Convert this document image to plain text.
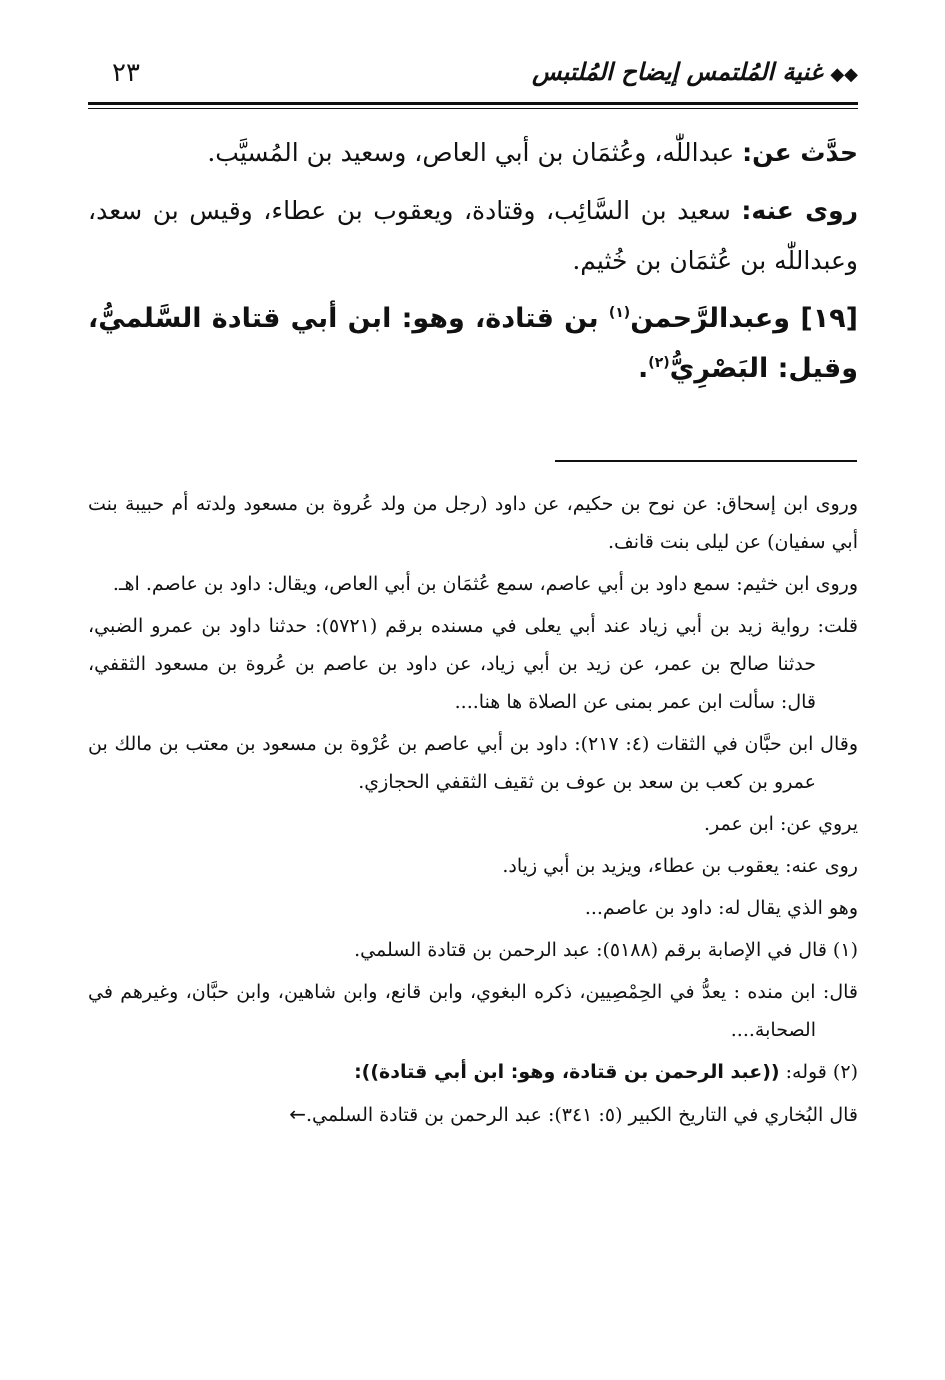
◆◆غنية المُلتمس إيضاح المُلتبس
٢٣

حدَّث عن: عبداللّٰه، وعُثمَان بن أبي العاص، وسعيد بن المُسيَّب.

روى عنه: سعيد بن السَّائِب، وقتادة، ويعقوب بن عطاء، وقيس بن سعد، وعبداللّٰه بن عُثمَان بن خُثيم.

[١٩] وعبدالرَّحمن$^{(١)}$ بن قتادة، وهو: ابن أبي قتادة السَّلميُّ، وقيل: البَصْرِيُّ$^{(٢)}$.

وروى ابن إسحاق: عن نوح بن حكيم، عن داود (رجل من ولد عُروة بن مسعود ولدته أم حبيبة بنت أبي سفيان) عن ليلى بنت قانف.

وروى ابن خثيم: سمع داود بن أبي عاصم، سمع عُثمَان بن أبي العاص، ويقال: داود بن عاصم. اهـ.

قلت: رواية زيد بن أبي زياد عند أبي يعلى في مسنده برقم (٥٧٢١): حدثنا داود بن عمرو الضبي، حدثنا صالح بن عمر، عن زيد بن أبي زياد، عن داود بن عاصم بن عُروة بن مسعود الثقفي، قال: سألت ابن عمر بمنى عن الصلاة ها هنا....

وقال ابن حبَّان في الثقات (٤: ٢١٧): داود بن أبي عاصم بن عُرْوة بن مسعود بن معتب بن مالك بن عمرو بن كعب بن سعد بن عوف بن ثقيف الثقفي الحجازي.

يروي عن: ابن عمر.

روى عنه: يعقوب بن عطاء، ويزيد بن أبي زياد.

وهو الذي يقال له: داود بن عاصم...

(١) قال في الإصابة برقم (٥١٨٨): عبد الرحمن بن قتادة السلمي.

قال: ابن منده : يعدُّ في الحِمْصِيين، ذكره البغوي، وابن قانع، وابن شاهين، وابن حبَّان، وغيرهم في الصحابة....

(٢) قوله: ((عبد الرحمن بن قتادة، وهو: ابن أبي قتادة)):

قال البُخاري في التاريخ الكبير (٥: ٣٤١): عبد الرحمن بن قتادة السلمي.←
